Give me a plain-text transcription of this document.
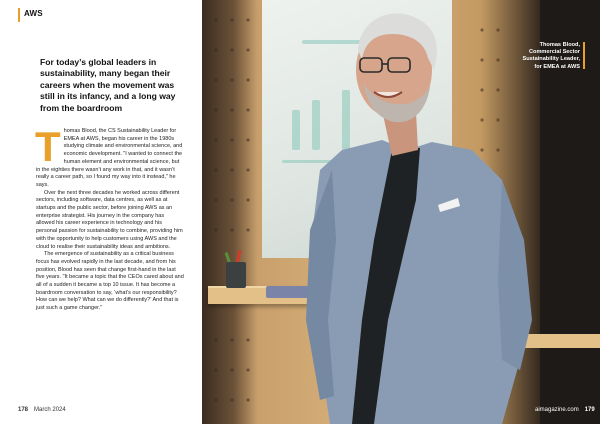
AWS
For today’s global leaders in sustainability, many began their careers when the movement was still in its infancy, and a long way from the boardroom

Thomas Blood, the CS Sustainability Leader for EMEA at AWS, began his career in the 1980s studying climate and environmental science, and economic development. "I wanted to connect the human element and environmental science, but in the eighties there wasn’t any work in that, and it wasn’t really a career path, so I found my way into it instead," he says.

Over the next three decades he worked across different sectors, including software, data centres, as well as at startups and the public sector, before joining AWS as an enterprise strategist. His journey in the company has allowed his career experience in technology and his personal passion for sustainability to combine, providing him with the opportunity to help customers using AWS and the cloud to realise their sustainability ideas and ambitions.

The emergence of sustainability as a critical business focus has evolved rapidly in the last decade, and from his position, Blood has seen that change first-hand in the last five years. "It became a topic that the CEOs cared about and all of a sudden it became a top 10 issue. It has become a boardroom conversation to say, ‘what’s our responsibility? How can we help? What can we do differently?’ And that is just such a game changer."

178 March 2024
Thomas Blood,
Commercial Sector
Sustainability Leader,
for EMEA at AWS
aimagazine.com 179
